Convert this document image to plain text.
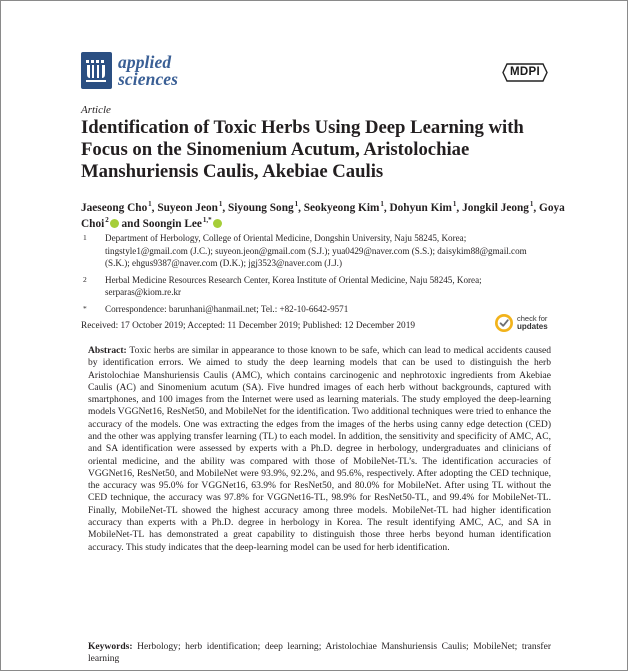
applied
sciences	MDPI
Article
Identification of Toxic Herbs Using Deep Learning with Focus on the Sinomenium Acutum, Aristolochiae Manshuriensis Caulis, Akebiae Caulis
Jaeseong Cho $^1$, Suyeon Jeon $^1$, Siyoung Song $^1$, Seokyeong Kim $^1$, Dohyun Kim $^1$, Jongkil Jeong $^1$, Goya Choi $^2$ and Soongin Lee $^{1,*}$
1	Department of Herbology, College of Oriental Medicine, Dongshin University, Naju 58245, Korea; tingstyle1@gmail.com (J.C.); suyeon.jeon@gmail.com (S.J.); yua0429@naver.com (S.S.); daisykim88@gmail.com (S.K.); ehgus9387@naver.com (D.K.); jgj3523@naver.com (J.J.)
2	Herbal Medicine Resources Research Center, Korea Institute of Oriental Medicine, Naju 58245, Korea; serparas@kiom.re.kr
*	Correspondence: barunhani@hanmail.net; Tel.: +82-10-6642-9571
Received: 17 October 2019; Accepted: 11 December 2019; Published: 12 December 2019
check for
updates

Abstract: Toxic herbs are similar in appearance to those known to be safe, which can lead to medical accidents caused by identification errors. We aimed to study the deep learning models that can be used to distinguish the herb Aristolochiae Manshuriensis Caulis (AMC), which contains carcinogenic and nephrotoxic ingredients from Akebiae Caulis (AC) and Sinomenium acutum (SA). Five hundred images of each herb without backgrounds, captured with smartphones, and 100 images from the Internet were used as learning materials. The study employed the deep-learning models VGGNet16, ResNet50, and MobileNet for the identification. Two additional techniques were tried to enhance the accuracy of the models. One was extracting the edges from the images of the herbs using canny edge detection (CED) and the other was applying transfer learning (TL) to each model. In addition, the sensitivity and specificity of AMC, AC, and SA identification were assessed by experts with a Ph.D. degree in herbology, undergraduates and clinicians of oriental medicine, and the ability was compared with those of MobileNet-TL’s. The identification accuracies of VGGNet16, ResNet50, and MobileNet were 93.9%, 92.2%, and 95.6%, respectively. After adopting the CED technique, the accuracy was 95.0% for VGGNet16, 63.9% for ResNet50, and 80.0% for MobileNet. After using TL without the CED technique, the accuracy was 97.8% for VGGNet16-TL, 98.9% for ResNet50-TL, and 99.4% for MobileNet-TL. Finally, MobileNet-TL showed the highest accuracy among three models. MobileNet-TL had higher identification accuracy than experts with a Ph.D. degree in herbology in Korea. The result identifying AMC, AC, and SA in MobileNet-TL has demonstrated a great capability to distinguish those three herbs beyond human identification accuracy. This study indicates that the deep-learning model can be used for herb identification.

Keywords: Herbology; herb identification; deep learning; Aristolochiae Manshuriensis Caulis; MobileNet; transfer learning
